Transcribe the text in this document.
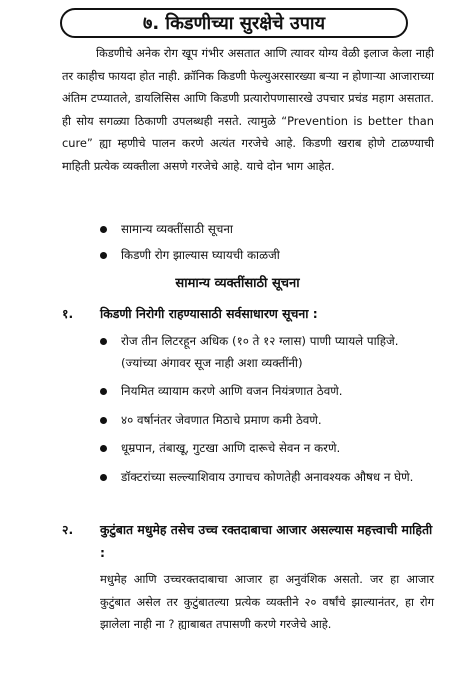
७. किडणीच्या सुरक्षेचे उपाय

किडणीचे अनेक रोग खूप गंभीर असतात आणि त्यावर योग्य वेळी इलाज केला नाही तर काहीच फायदा होत नाही. क्रॉनिक किडणी फेल्युअरसारख्या बऱ्या न होणाऱ्या आजाराच्या अंतिम टप्प्यातले, डायलिसिस आणि किडणी प्रत्यारोपणासारखे उपचार प्रचंड महाग असतात. ही सोय सगळ्या ठिकाणी उपलब्धही नसते. त्यामुळे “Prevention is better than cure” ह्या म्हणीचे पालन करणे अत्यंत गरजेचे आहे. किडणी खराब होणे टाळण्याची माहिती प्रत्येक व्यक्तीला असणे गरजेचे आहे. याचे दोन भाग आहेत.

सामान्य व्यक्तींसाठी सूचना
किडणी रोग झाल्यास घ्यायची काळजी
सामान्य व्यक्तींसाठी सूचना
१.	किडणी निरोगी राहण्यासाठी सर्वसाधारण सूचना :
रोज तीन लिटरहून अधिक (१० ते १२ ग्लास) पाणी प्यायले पाहिजे. (ज्यांच्या अंगावर सूज नाही अशा व्यक्तींनी)
नियमित व्यायाम करणे आणि वजन नियंत्रणात ठेवणे.
४० वर्षानंतर जेवणात मिठाचे प्रमाण कमी ठेवणे.
धूम्रपान, तंबाखू, गुटखा आणि दारूचे सेवन न करणे.
डॉक्टरांच्या सल्ल्याशिवाय उगाचच कोणतेही अनावश्यक औषध न घेणे.
२.	कुटुंबात मधुमेह तसेच उच्च रक्तदाबाचा आजार असल्यास महत्त्वाची माहिती :

मधुमेह आणि उच्चरक्तदाबाचा आजार हा अनुवंशिक असतो. जर हा आजार कुटुंबात असेल तर कुटुंबातल्या प्रत्येक व्यक्तीने २० वर्षांचे झाल्यानंतर, हा रोग झालेला नाही ना ? ह्याबाबत तपासणी करणे गरजेचे आहे.
